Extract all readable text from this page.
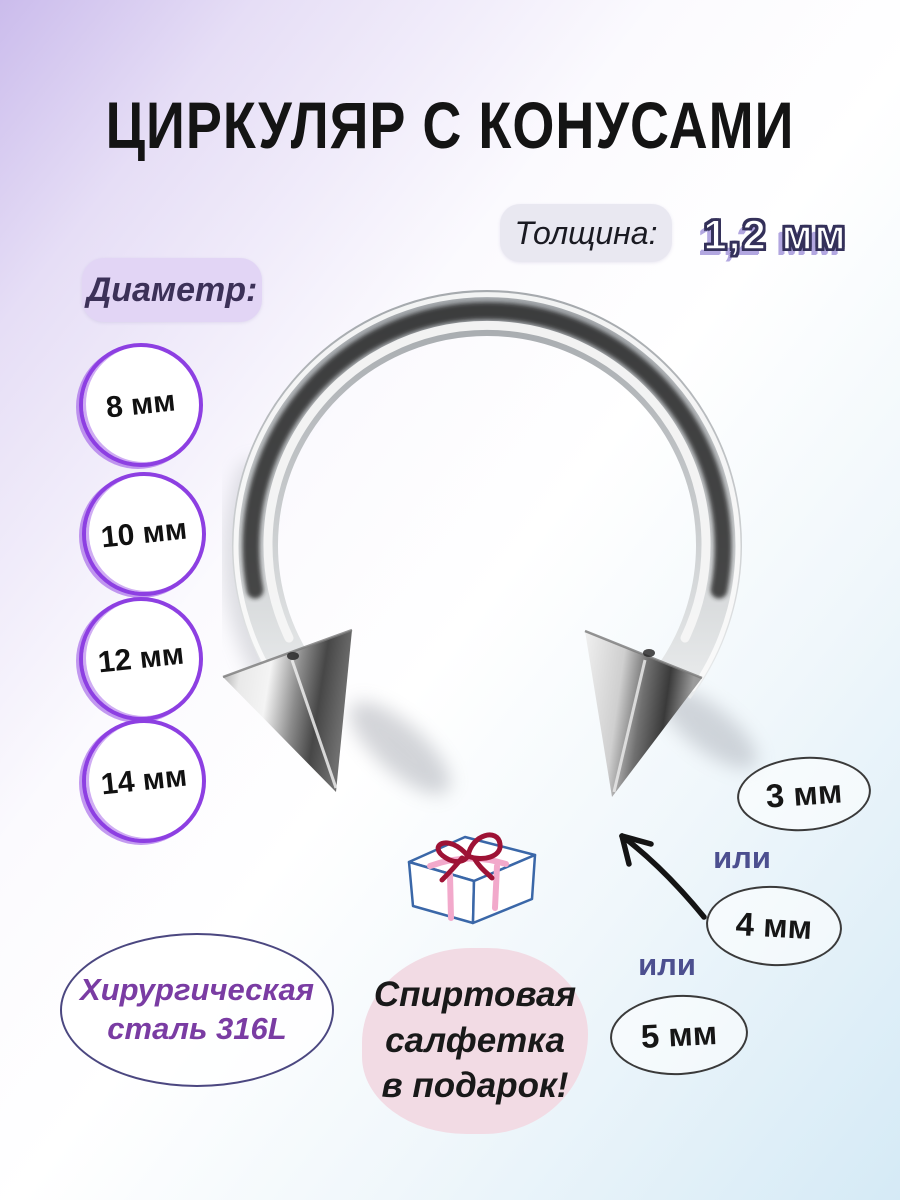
ЦИРКУЛЯР С КОНУСАМИ
Толщина:	1,2 мм
Диаметр:
8 мм
10 мм
12 мм
14 мм	3 мм
или
4 мм
или
5 мм
Хирургическая
сталь 316L
Спиртовая
салфетка
в подарок!
